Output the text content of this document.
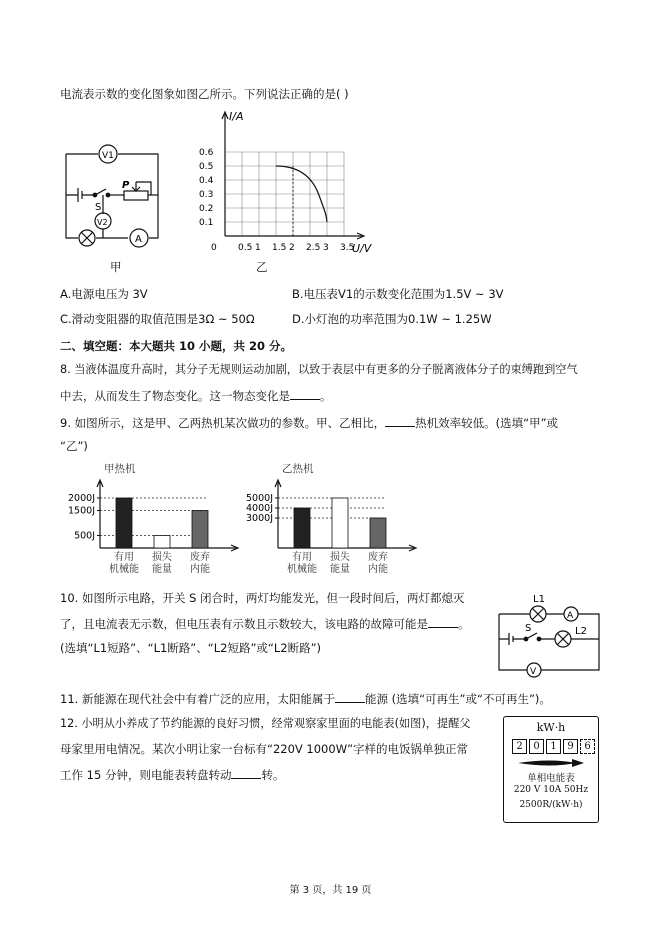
电流表示数的变化图象如图乙所示。下列说法正确的是( )
V1
V2
S
P
A
甲
0 0.5 1 1.5 2 2.5 3 3.5
0.1
0.2
0.3
0.4
0.5
0.6
I/A
U/V
乙
A.电源电压为 3V	B.电压表V1的示数变化范围为1.5V ~ 3V
C.滑动变阻器的取值范围是3Ω ~ 50Ω	D.小灯泡的功率范围为0.1W ~ 1.25W
二、填空题：本大题共 10 小题，共 20 分。
8. 当液体温度升高时，其分子无规则运动加剧，以致于表层中有更多的分子脱离液体分子的束缚跑到空气
中去，从而发生了物态变化。这一物态变化是	。
9. 如图所示，这是甲、乙两热机某次做功的参数。甲、乙相比，	热机效率较低。(选填“甲”或
“乙”)
甲热机
2000J
1500J
500J
有用
机械能
损失
能量
废弃
内能
乙热机
5000J
4000J
3000J
有用
机械能
损失
能量
废弃
内能
10. 如图所示电路，开关 S 闭合时，两灯均能发光，但一段时间后，两灯都熄灭
了，且电流表无示数，但电压表有示数且示数较大，该电路的故障可能是	。
(选填“L1短路”、“L1断路”、“L2短路”或“L2断路”)
L1
A
S	L2
V
11. 新能源在现代社会中有着广泛的应用，太阳能属于	能源 (选填“可再生”或“不可再生”)。
12. 小明从小养成了节约能源的良好习惯，经常观察家里面的电能表(如图)，提醒父
母家里用电情况。某次小明让家一台标有“220V 1000W”字样的电饭锅单独正常
工作 15 分钟，则电能表转盘转动	转。
kW·h
2	0	1	9	6
单相电能表
220 V 10A 50Hz
2500R/(kW·h)
第 3 页，共 19 页
